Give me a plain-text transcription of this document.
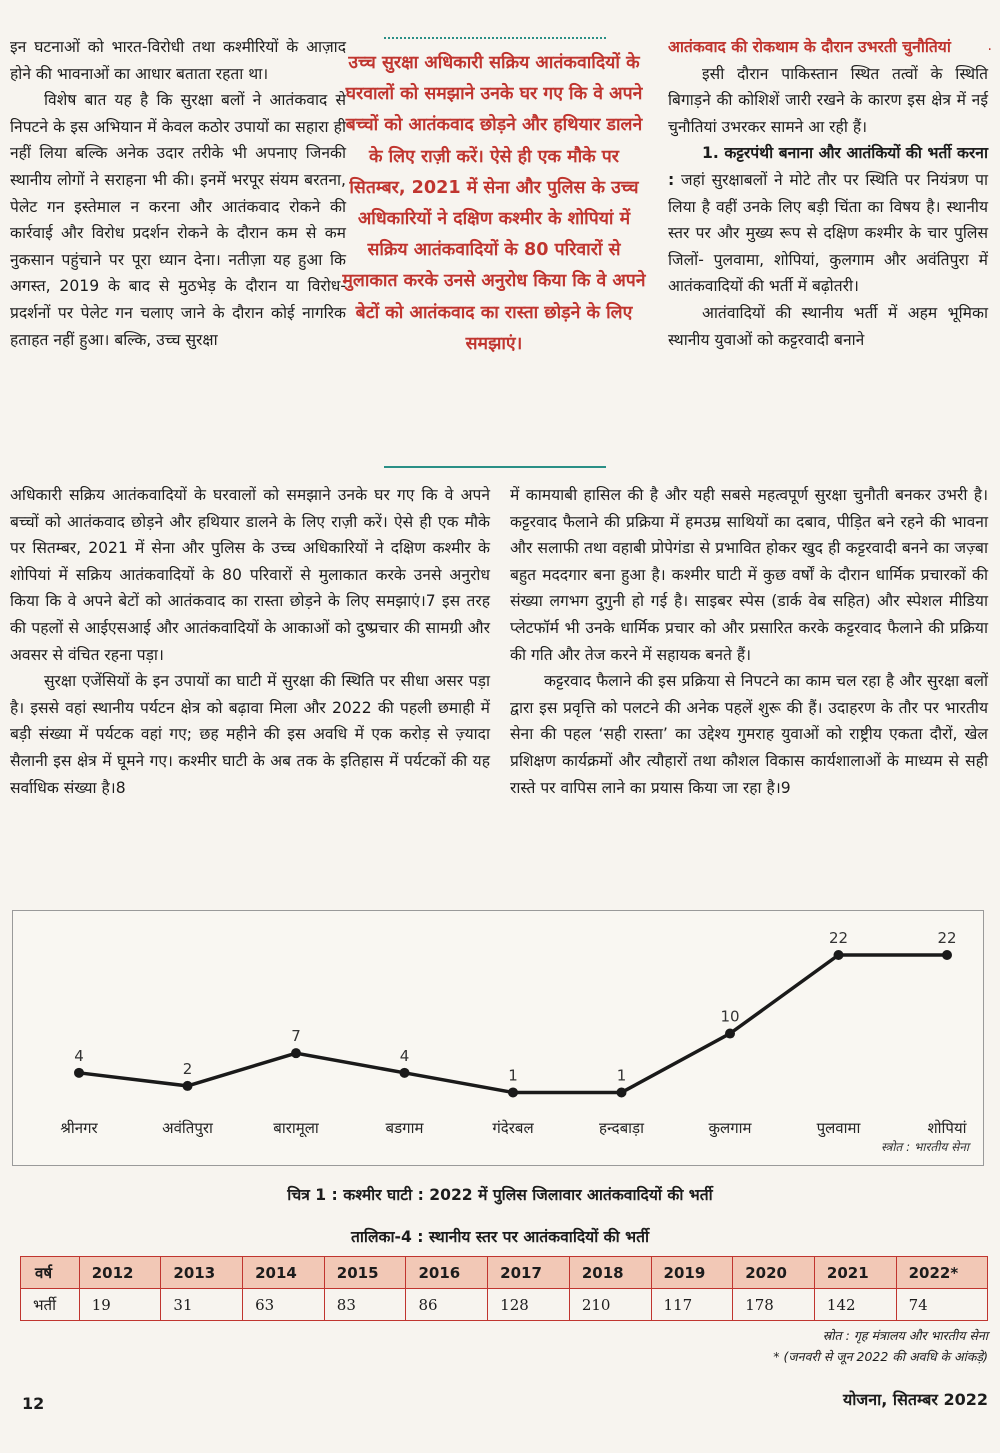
इन घटनाओं को भारत-विरोधी तथा कश्मीरियों के आज़ाद होने की भावनाओं का आधार बताता रहता था।

विशेष बात यह है कि सुरक्षा बलों ने आतंकवाद से निपटने के इस अभियान में केवल कठोर उपायों का सहारा ही नहीं लिया बल्कि अनेक उदार तरीके भी अपनाए जिनकी स्थानीय लोगों ने सराहना भी की। इनमें भरपूर संयम बरतना, पेलेट गन इस्तेमाल न करना और आतंकवाद रोकने की कार्रवाई और विरोध प्रदर्शन रोकने के दौरान कम से कम नुकसान पहुंचाने पर पूरा ध्यान देना। नतीज़ा यह हुआ कि अगस्त, 2019 के बाद से मुठभेड़ के दौरान या विरोध-प्रदर्शनों पर पेलेट गन चलाए जाने के दौरान कोई नागरिक हताहत नहीं हुआ। बल्कि, उच्च सुरक्षा

उच्च सुरक्षा अधिकारी सक्रिय आतंकवादियों के घरवालों को समझाने उनके घर गए कि वे अपने बच्चों को आतंकवाद छोड़ने और हथियार डालने के लिए राज़ी करें। ऐसे ही एक मौके पर सितम्बर, 2021 में सेना और पुलिस के उच्च अधिकारियों ने दक्षिण कश्मीर के शोपियां में सक्रिय आतंकवादियों के 80 परिवारों से मुलाकात करके उनसे अनुरोध किया कि वे अपने बेटों को आतंकवाद का रास्ता छोड़ने के लिए समझाएं।

·

आतंकवाद की रोकथाम के दौरान उभरती चुनौतियां

इसी दौरान पाकिस्तान स्थित तत्वों के स्थिति बिगाड़ने की कोशिशें जारी रखने के कारण इस क्षेत्र में नई चुनौतियां उभरकर सामने आ रही हैं।

1. कट्टरपंथी बनाना और आतंकियों की भर्ती करना : जहां सुरक्षाबलों ने मोटे तौर पर स्थिति पर नियंत्रण पा लिया है वहीं उनके लिए बड़ी चिंता का विषय है। स्थानीय स्तर पर और मुख्य रूप से दक्षिण कश्मीर के चार पुलिस जिलों- पुलवामा, शोपियां, कुलगाम और अवंतिपुरा में आतंकवादियों की भर्ती में बढ़ोतरी।

आतंवादियों की स्थानीय भर्ती में अहम भूमिका स्थानीय युवाओं को कट्टरवादी बनाने

अधिकारी सक्रिय आतंकवादियों के घरवालों को समझाने उनके घर गए कि वे अपने बच्चों को आतंकवाद छोड़ने और हथियार डालने के लिए राज़ी करें। ऐसे ही एक मौके पर सितम्बर, 2021 में सेना और पुलिस के उच्च अधिकारियों ने दक्षिण कश्मीर के शोपियां में सक्रिय आतंकवादियों के 80 परिवारों से मुलाकात करके उनसे अनुरोध किया कि वे अपने बेटों को आतंकवाद का रास्ता छोड़ने के लिए समझाएं।7 इस तरह की पहलों से आईएसआई और आतंकवादियों के आकाओं को दुष्प्रचार की सामग्री और अवसर से वंचित रहना पड़ा।

सुरक्षा एजेंसियों के इन उपायों का घाटी में सुरक्षा की स्थिति पर सीधा असर पड़ा है। इससे वहां स्थानीय पर्यटन क्षेत्र को बढ़ावा मिला और 2022 की पहली छमाही में बड़ी संख्या में पर्यटक वहां गए; छह महीने की इस अवधि में एक करोड़ से ज़्यादा सैलानी इस क्षेत्र में घूमने गए। कश्मीर घाटी के अब तक के इतिहास में पर्यटकों की यह सर्वाधिक संख्या है।8

में कामयाबी हासिल की है और यही सबसे महत्वपूर्ण सुरक्षा चुनौती बनकर उभरी है। कट्टरवाद फैलाने की प्रक्रिया में हमउम्र साथियों का दबाव, पीड़ित बने रहने की भावना और सलाफी तथा वहाबी प्रोपेगंडा से प्रभावित होकर खुद ही कट्टरवादी बनने का जज़्बा बहुत मददगार बना हुआ है। कश्मीर घाटी में कुछ वर्षों के दौरान धार्मिक प्रचारकों की संख्या लगभग दुगुनी हो गई है। साइबर स्पेस (डार्क वेब सहित) और स्पेशल मीडिया प्लेटफॉर्म भी उनके धार्मिक प्रचार को और प्रसारित करके कट्टरवाद फैलाने की प्रक्रिया की गति और तेज करने में सहायक बनते हैं।

कट्टरवाद फैलाने की इस प्रक्रिया से निपटने का काम चल रहा है और सुरक्षा बलों द्वारा इस प्रवृत्ति को पलटने की अनेक पहलें शुरू की हैं। उदाहरण के तौर पर भारतीय सेना की पहल ‘सही रास्ता’ का उद्देश्य गुमराह युवाओं को राष्ट्रीय एकता दौरों, खेल प्रशिक्षण कार्यक्रमों और त्यौहारों तथा कौशल विकास कार्यशालाओं के माध्यम से सही रास्ते पर वापिस लाने का प्रयास किया जा रहा है।9

4
श्रीनगर
2
अवंतिपुरा
7
बारामूला
4
बडगाम
1
गंदेरबल
1
हन्दबाड़ा
10
कुलगाम
22
पुलवामा
22
शोपियां
स्त्रोत : भारतीय सेना
चित्र 1 : कश्मीर घाटी : 2022 में पुलिस जिलावार आतंकवादियों की भर्ती
तालिका-4 : स्थानीय स्तर पर आतंकवादियों की भर्ती
वर्ष	2012	2013	2014	2015	2016	2017	2018	2019	2020	2021	2022*
भर्ती	19	31	63	83	86	128	210	117	178	142	74
स्रोत : गृह मंत्रालय और भारतीय सेना
* (जनवरी से जून 2022 की अवधि के आंकड़े)
12	योजना, सितम्बर 2022
